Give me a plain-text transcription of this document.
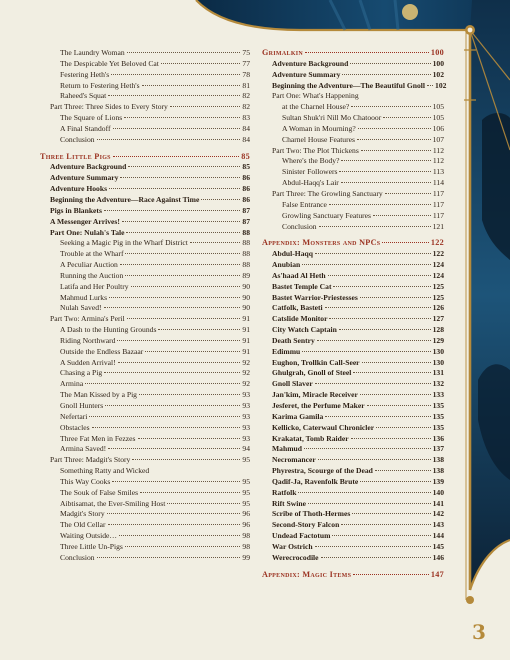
The Laundry Woman	75
The Despicable Yet Beloved Cat	77
Festering Heth's	78
Return to Festering Heth's	81
Raheed's Squat	82
Part Three: Three Sides to Every Story	82
The Square of Lions	83
A Final Standoff	84
Conclusion	84
Three Little Pigs	85
Adventure Background	85
Adventure Summary	86
Adventure Hooks	86
Beginning the Adventure—Race Against Time	86
Pigs in Blankets	87
A Messenger Arrives!	87
Part One: Nulah's Tale	88
Seeking a Magic Pig in the Wharf District	88
Trouble at the Wharf	88
A Peculiar Auction	88
Running the Auction	89
Latifa and Her Poultry	90
Mahmud Lurks	90
Nulah Saved!	90
Part Two: Armina's Peril	91
A Dash to the Hunting Grounds	91
Riding Northward	91
Outside the Endless Bazaar	91
A Sudden Arrival!	92
Chasing a Pig	92
Armina	92
The Man Kissed by a Pig	93
Gnoll Hunters	93
Nefertari	93
Obstacles	93
Three Fat Men in Fezzes	93
Armina Saved!	94
Part Three: Madgit's Story	95
Something Ratty and Wicked
This Way Cooks	95
The Souk of False Smiles	95
Aibtisamat, the Ever-Smiling Host	95
Madgit's Story	96
The Old Cellar	96
Waiting Outside…	98
Three Little Un-Pigs	98
Conclusion	99
Grimalkin	100
Adventure Background	100
Adventure Summary	102
Beginning the Adventure—The Beautiful Gnoll 102
Part One: What's Happening
at the Charnel House?	105
Sultan Shuk'ri Nill Mo Chatooor	105
A Woman in Mourning?	106
Charnel House Features	107
Part Two: The Plot Thickens	112
Where's the Body?	112
Sinister Followers	113
Abdul-Haqq's Lair	114
Part Three: The Growling Sanctuary	117
False Entrance	117
Growling Sanctuary Features	117
Conclusion	121
Appendix: Monsters and NPCs	122
Abdul-Haqq	122
Anubian	124
As'haad Al Heth	124
Bastet Temple Cat	125
Bastet Warrior-Priestesses	125
Catfolk, Basteti	126
Catslide Monitor	127
City Watch Captain	128
Death Sentry	129
Edimmu	130
Eughon, Trollkin Call-Seer	130
Ghulgrah, Gnoll of Steel	131
Gnoll Slaver	132
Jan'kim, Miracle Receiver	133
Jesferet, the Perfume Maker	135
Karima Gamila	135
Kellicko, Caterwaul Chronicler	135
Krakatat, Tomb Raider	136
Mahmud	137
Necromancer	138
Phyrestra, Scourge of the Dead	138
Qadif-Ja, Ravenfolk Brute	139
Ratfolk	140
Rift Swine	141
Scribe of Thoth-Hermes	142
Second-Story Falcon	143
Undead Factotum	144
War Ostrich	145
Werecrocodile	146
Appendix: Magic Items	147
3
